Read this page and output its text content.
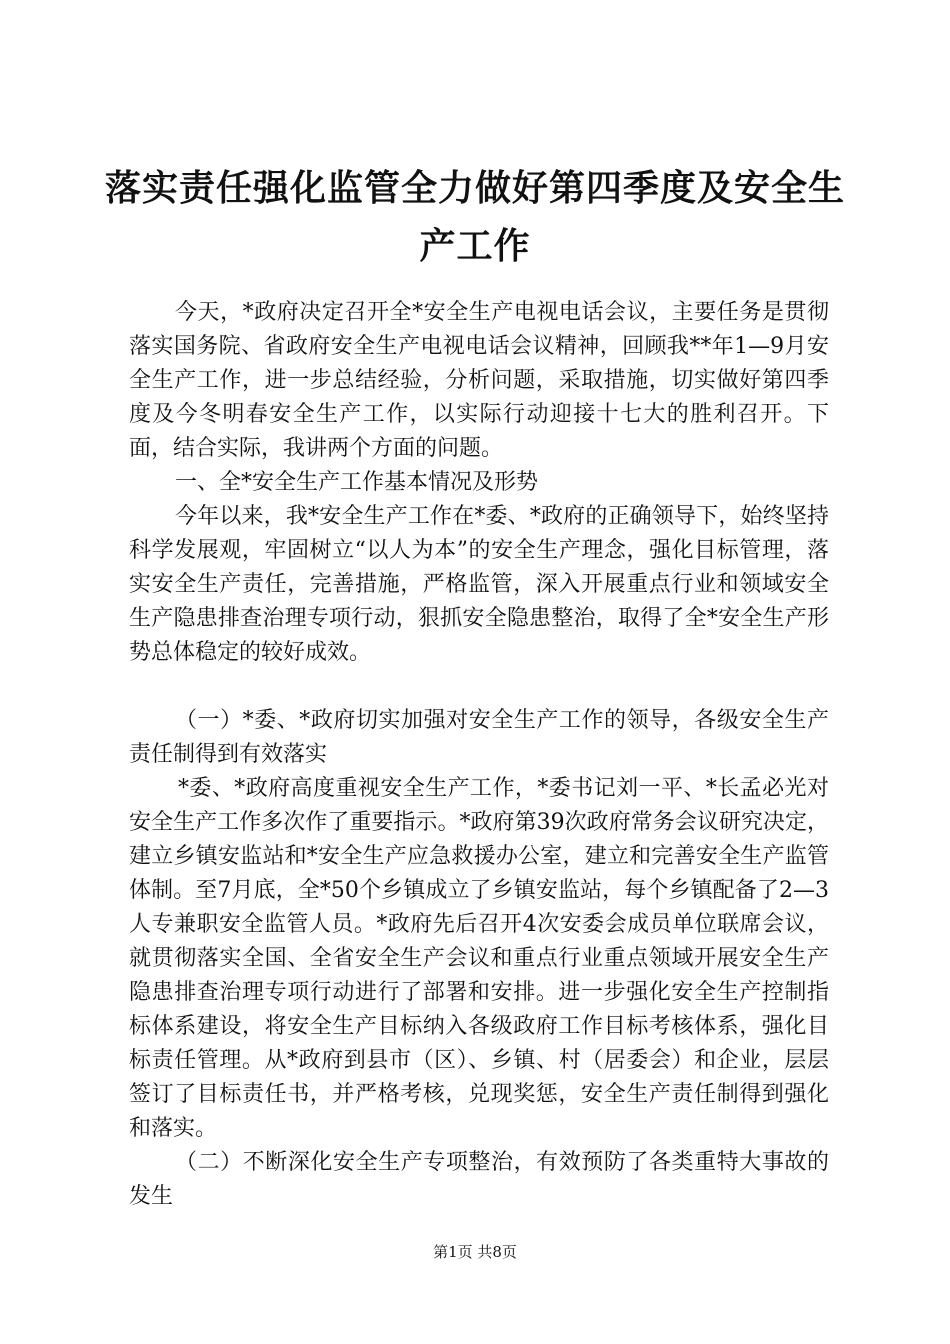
落实责任强化监管全力做好第四季度及安全生
产工作

今天，*政府决定召开全*安全生产电视电话会议，主要任务是贯彻落实国务院、省政府安全生产电视电话会议精神，回顾我**年1—9月安全生产工作，进一步总结经验，分析问题，采取措施，切实做好第四季度及今冬明春安全生产工作，以实际行动迎接十七大的胜利召开。下面，结合实际，我讲两个方面的问题。

一、全*安全生产工作基本情况及形势

今年以来，我*安全生产工作在*委、*政府的正确领导下，始终坚持科学发展观，牢固树立“以人为本”的安全生产理念，强化目标管理，落实安全生产责任，完善措施，严格监管，深入开展重点行业和领域安全生产隐患排查治理专项行动，狠抓安全隐患整治，取得了全*安全生产形势总体稳定的较好成效。

（一）*委、*政府切实加强对安全生产工作的领导，各级安全生产责任制得到有效落实

*委、*政府高度重视安全生产工作，*委书记刘一平、*长孟必光对安全生产工作多次作了重要指示。*政府第39次政府常务会议研究决定，建立乡镇安监站和*安全生产应急救援办公室，建立和完善安全生产监管体制。至7月底，全*50个乡镇成立了乡镇安监站，每个乡镇配备了2—3人专兼职安全监管人员。*政府先后召开4次安委会成员单位联席会议，就贯彻落实全国、全省安全生产会议和重点行业重点领域开展安全生产隐患排查治理专项行动进行了部署和安排。进一步强化安全生产控制指标体系建设，将安全生产目标纳入各级政府工作目标考核体系，强化目标责任管理。从*政府到县市（区）、乡镇、村（居委会）和企业，层层签订了目标责任书，并严格考核，兑现奖惩，安全生产责任制得到强化和落实。

（二）不断深化安全生产专项整治，有效预防了各类重特大事故的发生

第1页 共8页
